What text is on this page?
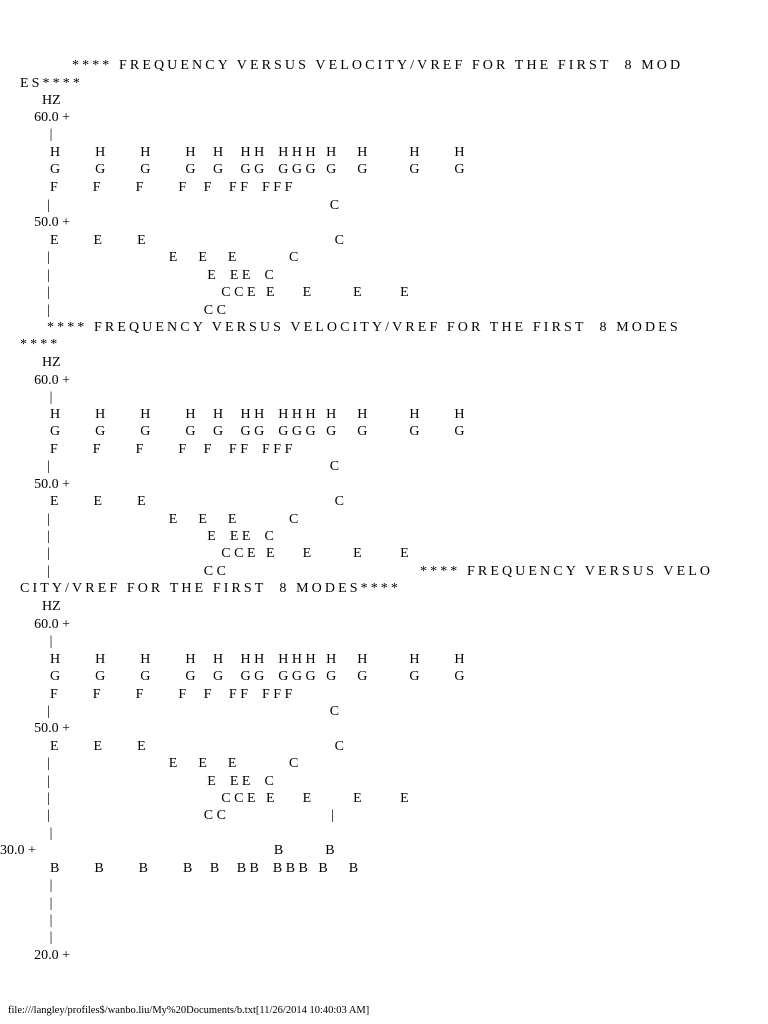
**** FREQUENCY VERSUS VELOCITY/VREF FOR THE FIRST  8 MOD
ES****
HZ
60.0 +
|
H          H          H          H     H     H H    H H H   H      H            H          H
G          G          G          G     G     G G    G G G   G      G            G          G
F          F          F          F     F     F F    F F F
|                                                                                C
50.0 +
E          E          E                                                      C
|                                  E      E      E               C
|                                             E    E E    C
|                                                 C C E   E        E            E           E
|                                            C C
**** FREQUENCY VERSUS VELOCITY/VREF FOR THE FIRST  8 MODES
****
HZ
60.0 +
|
H          H          H          H     H     H H    H H H   H      H            H          H
G          G          G          G     G     G G    G G G   G      G            G          G
F          F          F          F     F     F F    F F F
|                                                                                C
50.0 +
E          E          E                                                      C
|                                  E      E      E               C
|                                             E    E E    C
|                                                 C C E   E        E            E           E
|                                            C C	**** FREQUENCY VERSUS VELO
CITY/VREF FOR THE FIRST  8 MODES****
HZ
60.0 +
|
H          H          H          H     H     H H    H H H   H      H            H          H
G          G          G          G     G     G G    G G G   G      G            G          G
F          F          F          F     F     F F    F F F
|                                                                                C
50.0 +
E          E          E                                                      C
|                                  E      E      E               C
|                                             E    E E    C
|                                                 C C E   E        E            E           E
|                                            C C                              |
|
30.0 +                                                                    B            B
B          B          B          B     B     B B    B B B   B      B
|
|
|
|
20.0 +
file:///langley/profiles$/wanbo.liu/My%20Documents/b.txt[11/26/2014 10:40:03 AM]
